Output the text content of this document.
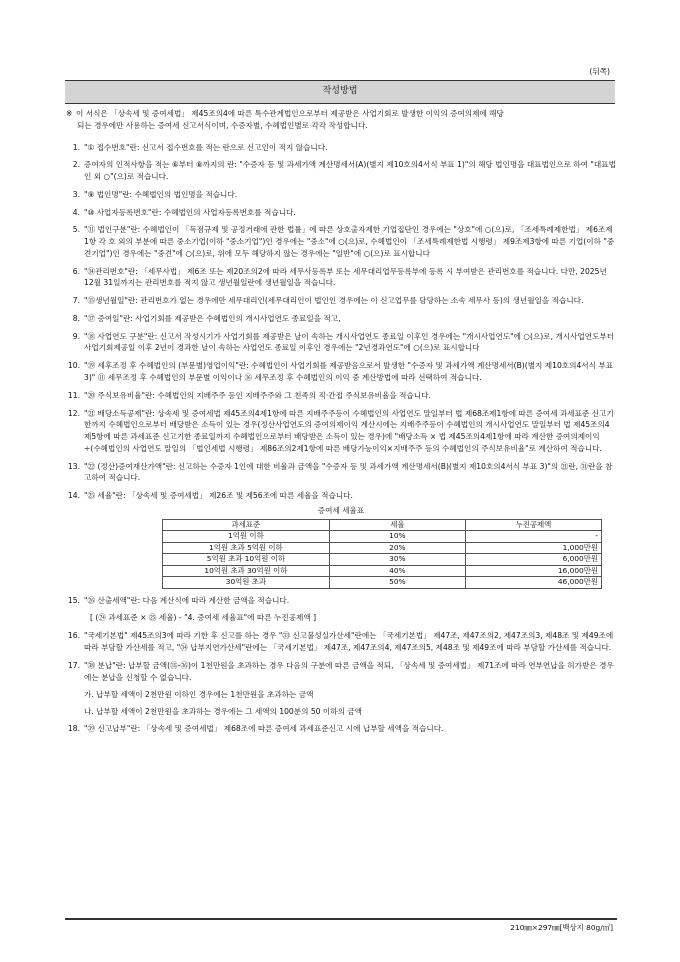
(뒤쪽)
작성방법
※ 이 서식은 「상속세 및 증여세법」 제45조의4에 따른 특수관계법인으로부터 제공받은 사업기회로 발생한 이익의 증여의제에 해당
되는 경우에만 사용하는 증여세 신고서식이며, 수증자별, 수혜법인별로 각각 작성합니다.
1. "① 접수번호"란: 신고서 접수번호를 적는 란으로 신고인이 적지 않습니다.
2. 증여자의 인적사항을 적는 ⑥부터 ⑧까지의 란: "수증자 등 및 과세가액 계산명세서(A)(별지 제10호의4서식 부표 1)"의 해당 법인명을 대표법인으로 하여 "대표법인 외 ○"(으)로 적습니다.
3. "⑨ 법인명"란: 수혜법인의 법인명을 적습니다.
4. "⑩ 사업자등록번호"란: 수혜법인의 사업자등록번호를 적습니다.
5. "⑪ 법인구분"란: 수혜법인이 「독점규제 및 공정거래에 관한 법률」에 따른 상호출자제한 기업집단인 경우에는 "상호"에 ○(으)로, 「조세특례제한법」 제6조제1항 각 호 외의 부분에 따른 중소기업(이하 "중소기업")인 경우에는 "중소"에 ○(으)로, 수혜법인이 「조세특례제한법 시행령」 제9조제3항에 따른 기업(이하 "중견기업")인 경우에는 "중견"에 ○(으)로, 위에 모두 해당하지 않는 경우에는 "일반"에 ○(으)로 표시합니다
6. "⑭관리번호"란: 「세무사법」 제6조 또는 제20조의2에 따라 세무사등록부 또는 세무대리업무등록부에 등록 시 부여받은 관리번호를 적습니다. 다만, 2025년 12월 31일까지는 관리번호를 적지 않고 생년월일란에 생년월일을 적습니다.
7. "⑮생년월일"란: 관리번호가 없는 경우에만 세무대리인(세무대리인이 법인인 경우에는 이 신고업무를 담당하는 소속 세무사 등)의 생년월일을 적습니다.
8. "⑰ 증여일"란: 사업기회를 제공받은 수혜법인의 개시사업연도 종료일을 적고,
9. "⑱ 사업연도 구분"란: 신고서 작성시기가 사업기회를 제공받은 날이 속하는 개시사업연도 종료일 이후인 경우에는 "개시사업연도"에 ○(으)로, 개시사업연도부터 사업기회제공일 이후 2년이 경과한 날이 속하는 사업연도 종료일 이후인 경우에는 "2년경과연도"에 ○(으)로 표시합니다
10. "⑲ 세후조정 후 수혜법인의 (부문별)영업이익"란: 수혜법인이 사업기회를 제공받음으로서 발생한 "수증자 및 과세가액 계산명세서(B)(별지 제10호의4서식 부표 3)" ⑪ 세무조정 후 수혜법인의 부문별 이익이나 ⑯ 세무조정 후 수혜법인의 이익 중 계산방법에 따라 선택하여 적습니다.
11. "⑳ 주식보유비율"란: 수혜법인의 지배주주 등인 지배주주와 그 친족의 직·간접 주식보유비율을 적습니다.
12. "㉑ 배당소득공제"란: 상속세 및 증여세법 제45조의4제1항에 따른 지배주주등이 수혜법인의 사업연도 말일부터 법 제68조제1항에 따른 증여세 과세표준 신고기한까지 수혜법인으로부터 배당받은 소득이 있는 경우(정산사업연도의 증여의제이익 계산시에는 지배주주등이 수혜법인의 개시사업연도 말일부터 법 제45조의4제5항에 따른 과세표준 신고기한 종료일까지 수혜법인으로부터 배당받은 소득이 있는 경우)에 "배당소득 × 법 제45조의4제1항에 따라 계산한 증여의제이익÷(수혜법인의 사업연도 말일의 「법인세법 시행령」 제86조의2제1항에 따른 배당가능이익×지배주주 등의 수혜법인의 주식보유비율"로 계산하여 적습니다.
13. "㉒ (정산)증여재산가액"란: 신고하는 수증자 1인에 대한 비율과 금액을 "수증자 등 및 과세가액 계산명세서(B)(별지 제10호의4서식 부표 3)"의 ㉑란, ㉛란을 참고하여 적습니다.
14. "㉕ 세율"란: 「상속세 및 증여세법」 제26조 및 제56조에 따른 세율을 적습니다.
증여세 세율표
과세표준	세율	누진공제액
1억원 이하	10%	-
1억원 초과 5억원 이하	20%	1,000만원
5억원 초과 10억원 이하	30%	6,000만원
10억원 초과 30억원 이하	40%	16,000만원
30억원 초과	50%	46,000만원
15. "㉖ 산출세액"란: 다음 계산식에 따라 계산한 금액을 적습니다.
[ (㉔ 과세표준 × ㉕ 세율) - "4. 증여세 세율표"에 따른 누진공제액 ]
16. "국세기본법" 제45조의3에 따라 기한 후 신고를 하는 경우 "㉝ 신고불성실가산세"란에는 「국세기본법」 제47조, 제47조의2, 제47조의3, 제48조 및 제49조에 따라 부담할 가산세를 적고, "㉞ 납부지연가산세"란에는 「국세기본법」 제47조, 제47조의4, 제47조의5, 제48조 및 제49조에 따라 부담할 가산세를 적습니다.
17. "㊳ 분납"란: 납부할 금액(㉟-㊱)이 1천만원을 초과하는 경우 다음의 구분에 따른 금액을 적되, 「상속세 및 증여세법」 제71조에 따라 연부연납을 허가받은 경우에는 분납을 신청할 수 없습니다.
가. 납부할 세액이 2천만원 이하인 경우에는 1천만원을 초과하는 금액
나. 납부할 세액이 2천만원을 초과하는 경우에는 그 세액의 100분의 50 이하의 금액
18. "㊴ 신고납부"란: 「상속세 및 증여세법」 제68조에 따른 증여세 과세표준신고 시에 납부할 세액을 적습니다.
210㎜×297㎜[백상지 80g/㎡]
